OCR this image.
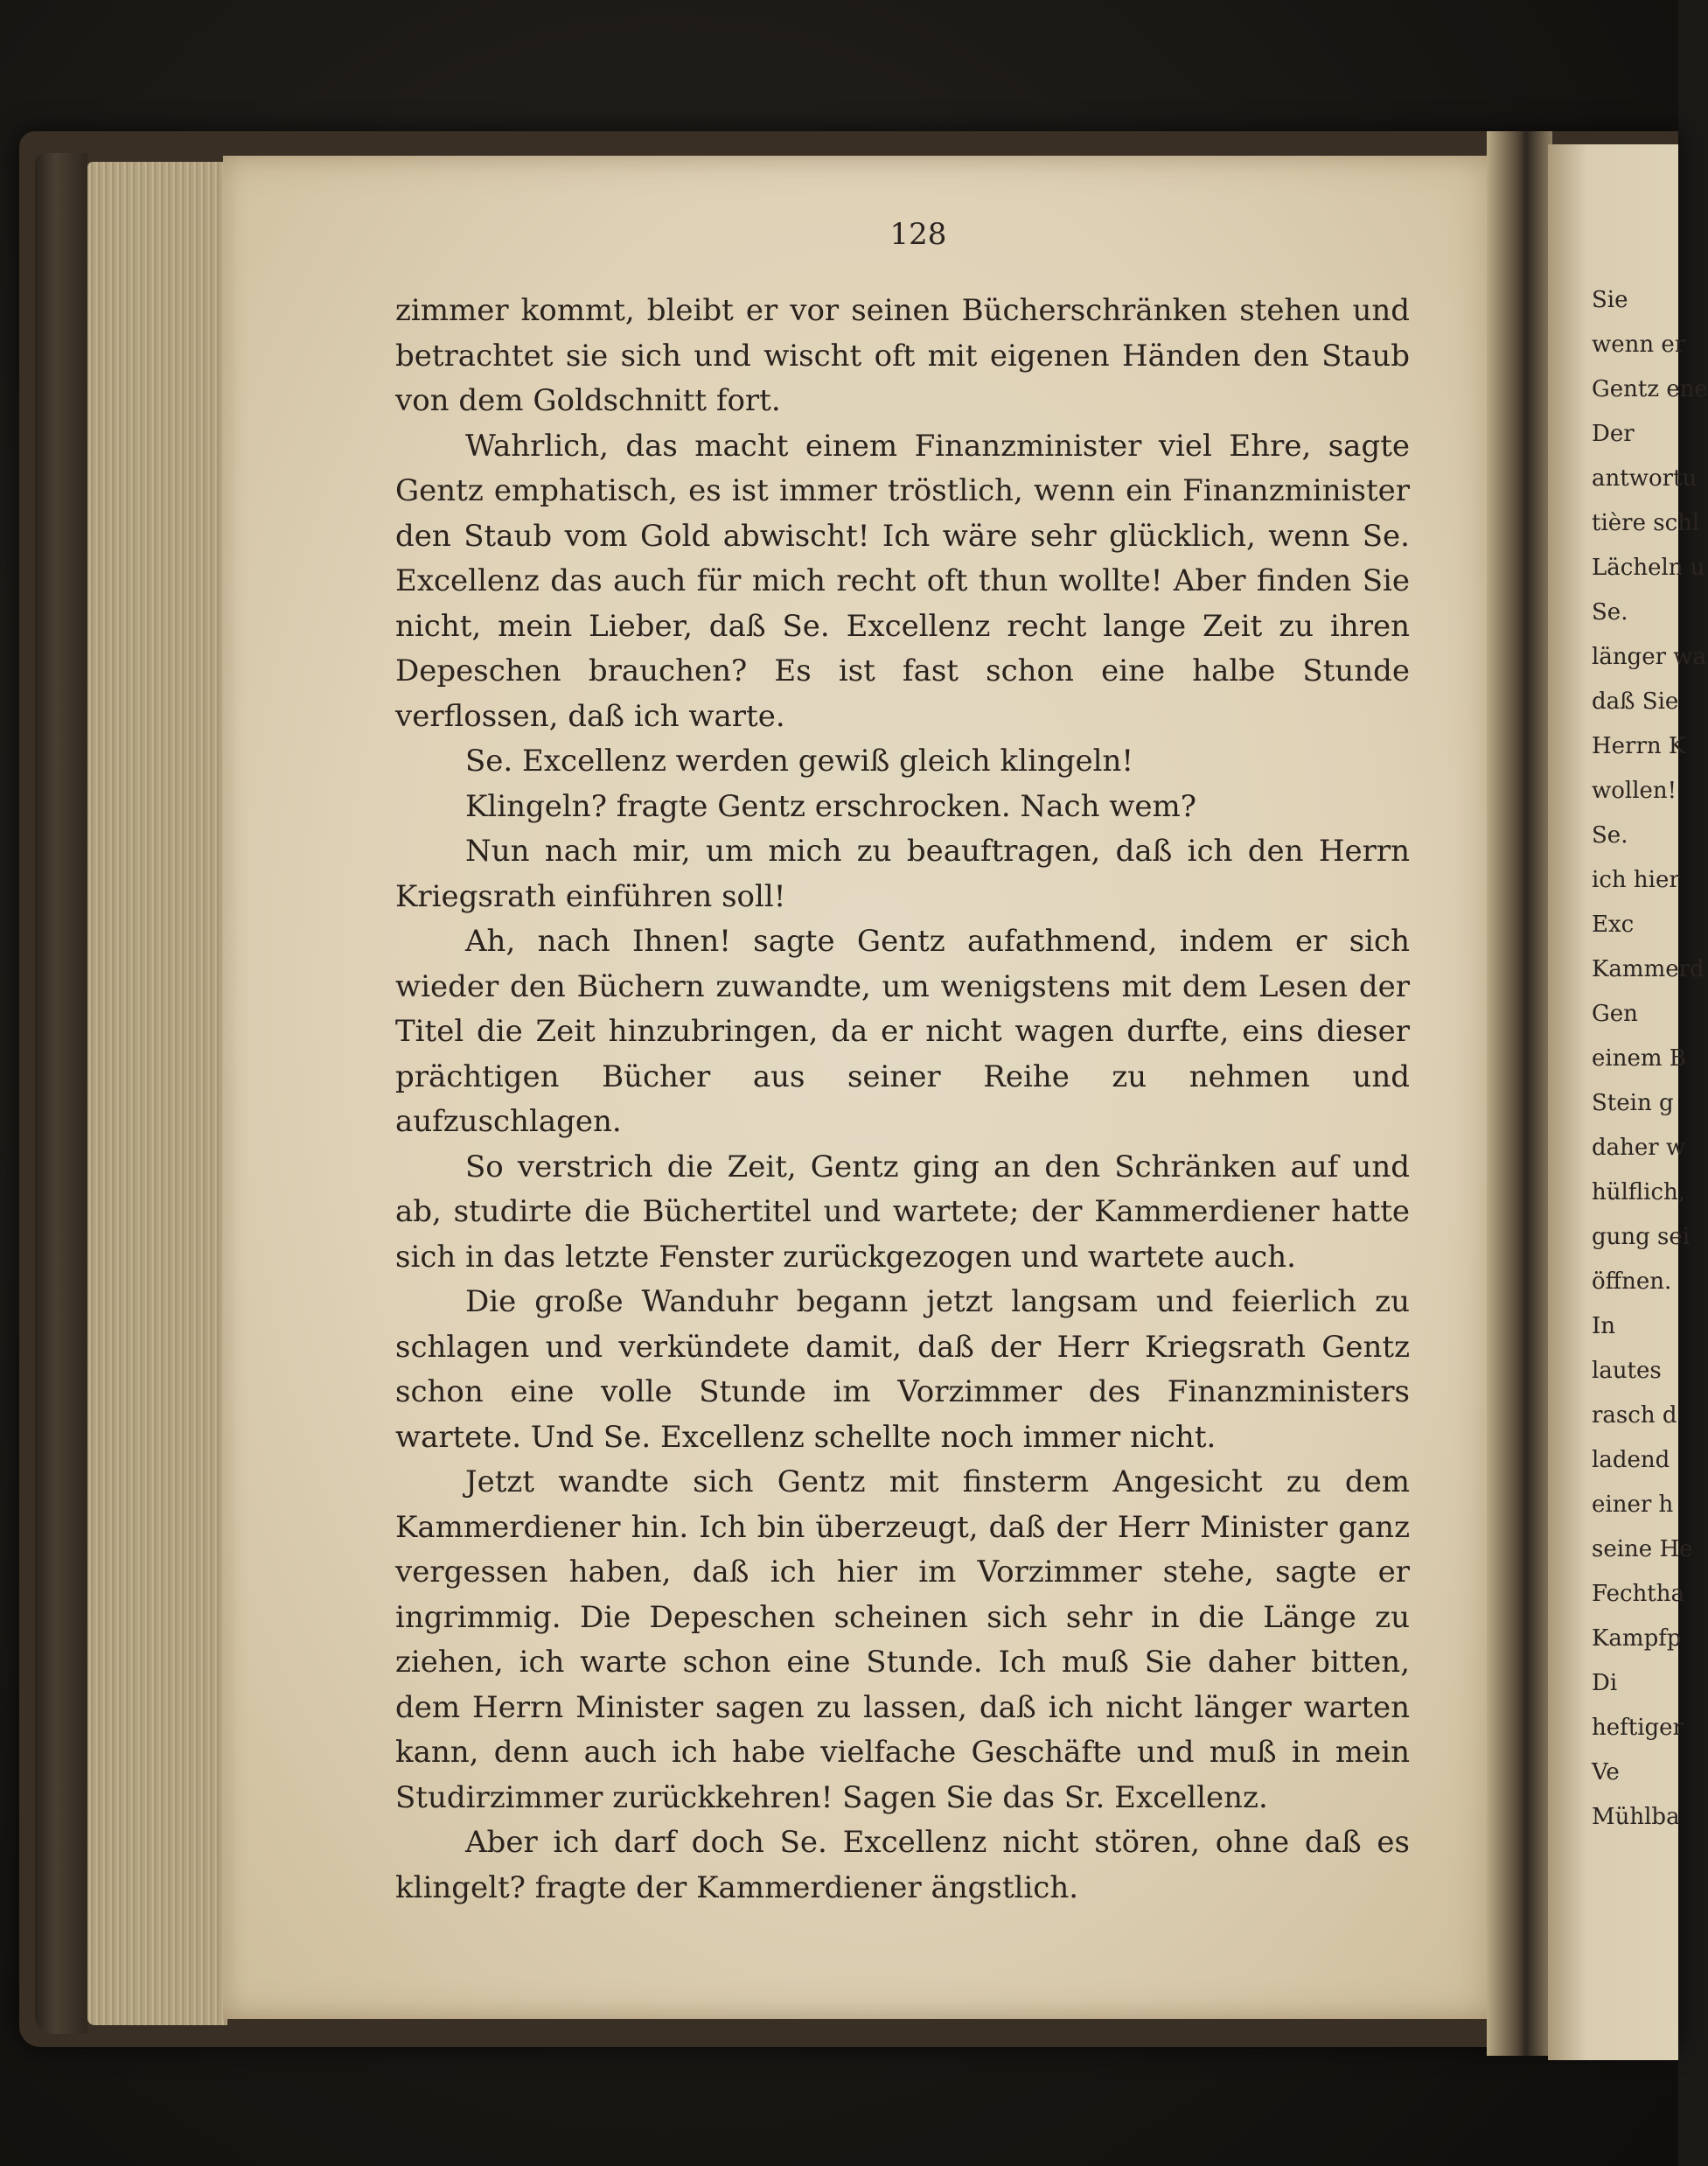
128

zimmer kommt, bleibt er vor seinen Bücherschränken stehen und betrachtet sie sich und wischt oft mit eigenen Händen den Staub von dem Goldschnitt fort.

Wahrlich, das macht einem Finanzminister viel Ehre, sagte Gentz emphatisch, es ist immer tröstlich, wenn ein Finanzminister den Staub vom Gold abwischt! Ich wäre sehr glücklich, wenn Se. Excellenz das auch für mich recht oft thun wollte! Aber finden Sie nicht, mein Lieber, daß Se. Excellenz recht lange Zeit zu ihren Depeschen brauchen? Es ist fast schon eine halbe Stunde verflossen, daß ich warte.

Se. Excellenz werden gewiß gleich klingeln!

Klingeln? fragte Gentz erschrocken. Nach wem?

Nun nach mir, um mich zu beauftragen, daß ich den Herrn Kriegsrath einführen soll!

Ah, nach Ihnen! sagte Gentz aufathmend, indem er sich wieder den Büchern zuwandte, um wenigstens mit dem Lesen der Titel die Zeit hinzubringen, da er nicht wagen durfte, eins dieser prächtigen Bücher aus seiner Reihe zu nehmen und aufzuschlagen.

So verstrich die Zeit, Gentz ging an den Schränken auf und ab, studirte die Büchertitel und wartete; der Kammerdiener hatte sich in das letzte Fenster zurückgezogen und wartete auch.

Die große Wanduhr begann jetzt langsam und feierlich zu schlagen und verkündete damit, daß der Herr Kriegsrath Gentz schon eine volle Stunde im Vorzimmer des Finanzministers wartete. Und Se. Excellenz schellte noch immer nicht.

Jetzt wandte sich Gentz mit finsterm Angesicht zu dem Kammerdiener hin. Ich bin überzeugt, daß der Herr Minister ganz vergessen haben, daß ich hier im Vorzimmer stehe, sagte er ingrimmig. Die Depeschen scheinen sich sehr in die Länge zu ziehen, ich warte schon eine Stunde. Ich muß Sie daher bitten, dem Herrn Minister sagen zu lassen, daß ich nicht länger warten kann, denn auch ich habe vielfache Geschäfte und muß in mein Studirzimmer zurückkehren! Sagen Sie das Sr. Excellenz.

Aber ich darf doch Se. Excellenz nicht stören, ohne daß es klingelt? fragte der Kammerdiener ängstlich.

Sie
wenn er
Gentz ene
Der
antwortu
tière schl
Lächeln u
Se.
länger wa
daß Sie
Herrn K
wollen!
Se.
ich hier
Exc
Kammerd
Gen
einem B
Stein g
daher w
hülflich,
gung sei
öffnen.
In
lautes
rasch d
ladend
einer h
seine He
Fechtha
Kampfp
Di
heftiger
Ve
Mühlba
